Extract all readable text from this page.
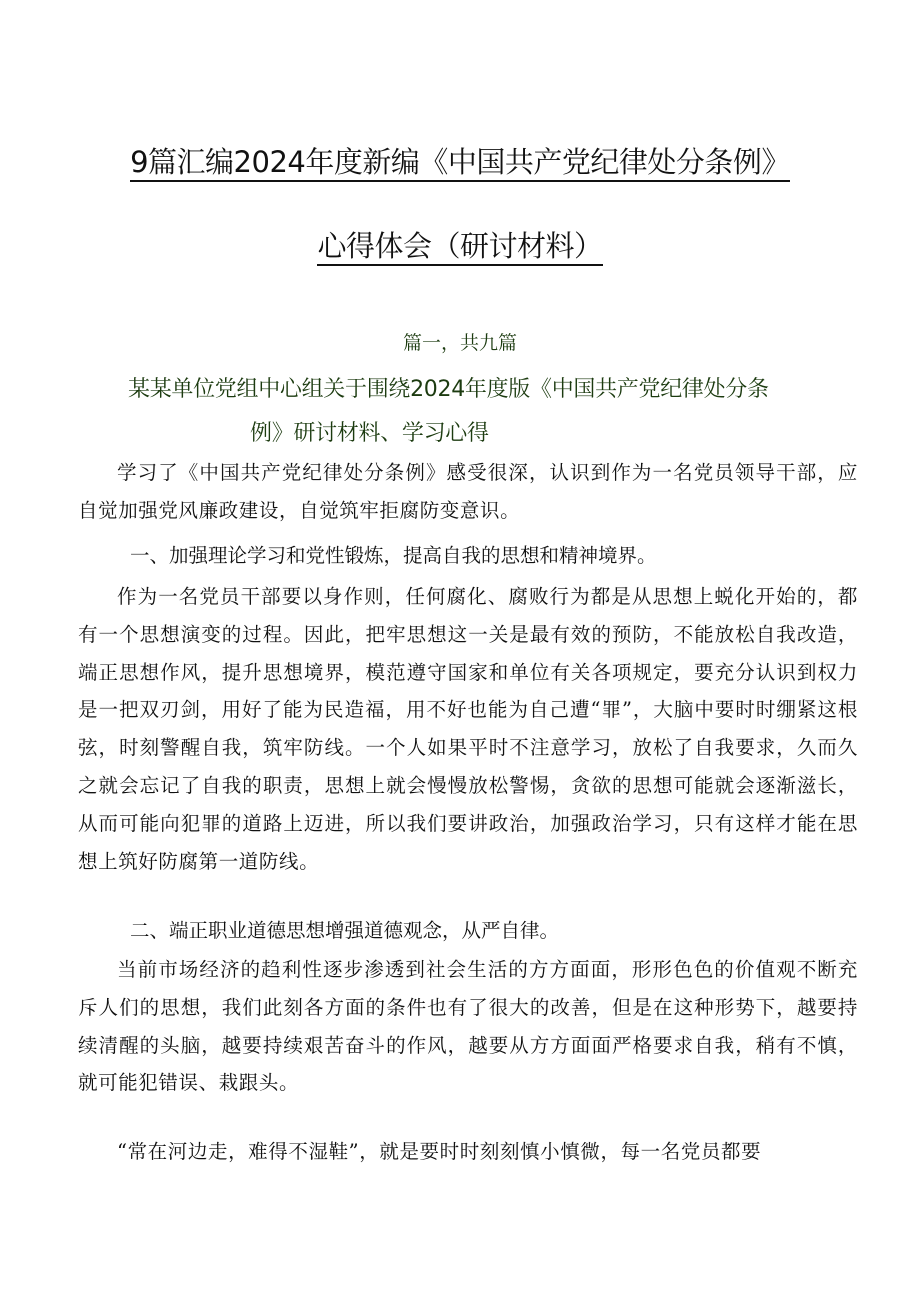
9篇汇编2024年度新编《中国共产党纪律处分条例》
心得体会（研讨材料）
篇一，共九篇
某某单位党组中心组关于围绕2024年度版《中国共产党纪律处分条
例》研讨材料、学习心得

学习了《中国共产党纪律处分条例》感受很深，认识到作为一名党员领导干部，应自觉加强党风廉政建设，自觉筑牢拒腐防变意识。

一、加强理论学习和党性锻炼，提高自我的思想和精神境界。

作为一名党员干部要以身作则，任何腐化、腐败行为都是从思想上蜕化开始的，都有一个思想演变的过程。因此，把牢思想这一关是最有效的预防，不能放松自我改造，端正思想作风，提升思想境界，模范遵守国家和单位有关各项规定，要充分认识到权力是一把双刃剑，用好了能为民造福，用不好也能为自己遭“罪”，大脑中要时时绷紧这根弦，时刻警醒自我，筑牢防线。一个人如果平时不注意学习，放松了自我要求，久而久之就会忘记了自我的职责，思想上就会慢慢放松警惕，贪欲的思想可能就会逐渐滋长，从而可能向犯罪的道路上迈进，所以我们要讲政治，加强政治学习，只有这样才能在思想上筑好防腐第一道防线。

二、端正职业道德思想增强道德观念，从严自律。

当前市场经济的趋利性逐步渗透到社会生活的方方面面，形形色色的价值观不断充斥人们的思想，我们此刻各方面的条件也有了很大的改善，但是在这种形势下，越要持续清醒的头脑，越要持续艰苦奋斗的作风，越要从方方面面严格要求自我，稍有不慎，就可能犯错误、栽跟头。

“常在河边走，难得不湿鞋”，就是要时时刻刻慎小慎微，每一名党员都要
